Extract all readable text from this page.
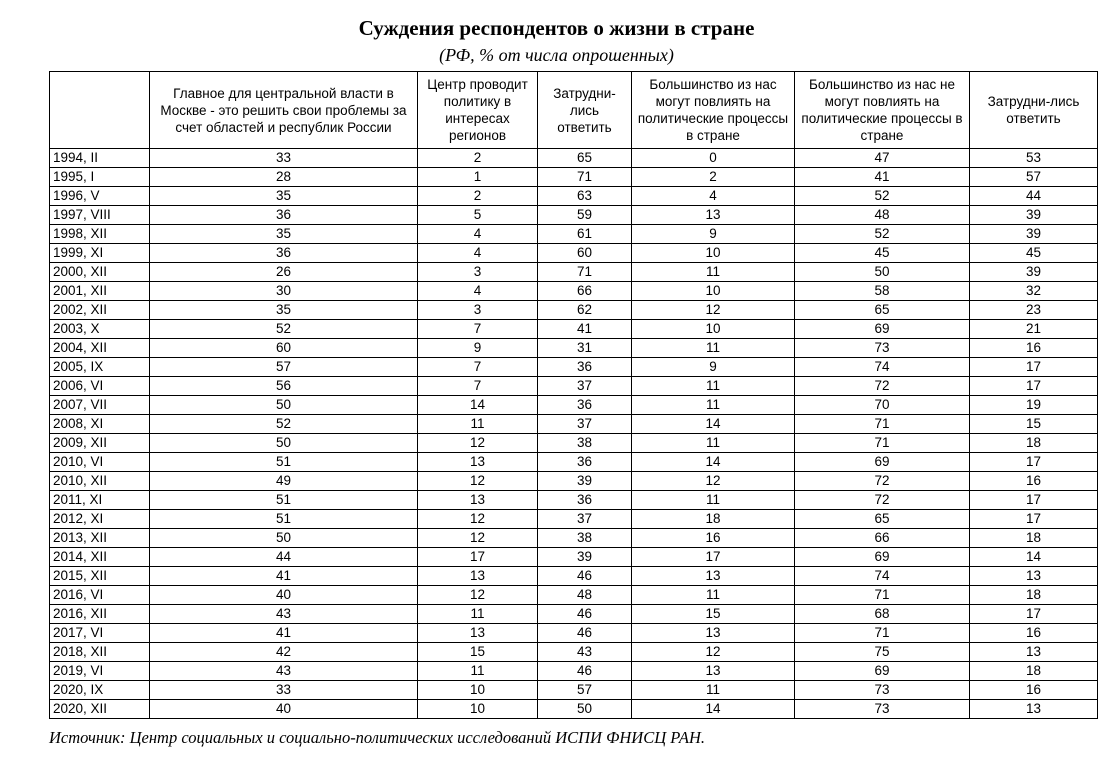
Суждения респондентов о жизни в стране
(РФ, % от числа опрошенных)
	Главное для центральной власти в Москве - это решить свои проблемы за счет областей и республик России	Центр проводит политику в интересах регионов	Затрудни-лись ответить	Большинство из нас могут повлиять на политические процессы в стране	Большинство из нас не могут повлиять на политические процессы в стране	Затрудни-лись ответить
1994, II	33	2	65	0	47	53
1995, I	28	1	71	2	41	57
1996, V	35	2	63	4	52	44
1997, VIII	36	5	59	13	48	39
1998, XII	35	4	61	9	52	39
1999, XI	36	4	60	10	45	45
2000, XII	26	3	71	11	50	39
2001, XII	30	4	66	10	58	32
2002, XII	35	3	62	12	65	23
2003, X	52	7	41	10	69	21
2004, XII	60	9	31	11	73	16
2005, IX	57	7	36	9	74	17
2006, VI	56	7	37	11	72	17
2007, VII	50	14	36	11	70	19
2008, XI	52	11	37	14	71	15
2009, XII	50	12	38	11	71	18
2010, VI	51	13	36	14	69	17
2010, XII	49	12	39	12	72	16
2011, XI	51	13	36	11	72	17
2012, XI	51	12	37	18	65	17
2013, XII	50	12	38	16	66	18
2014, XII	44	17	39	17	69	14
2015, XII	41	13	46	13	74	13
2016, VI	40	12	48	11	71	18
2016, XII	43	11	46	15	68	17
2017, VI	41	13	46	13	71	16
2018, XII	42	15	43	12	75	13
2019, VI	43	11	46	13	69	18
2020, IX	33	10	57	11	73	16
2020, XII	40	10	50	14	73	13
Источник: Центр социальных и социально-политических исследований ИСПИ ФНИСЦ РАН.
